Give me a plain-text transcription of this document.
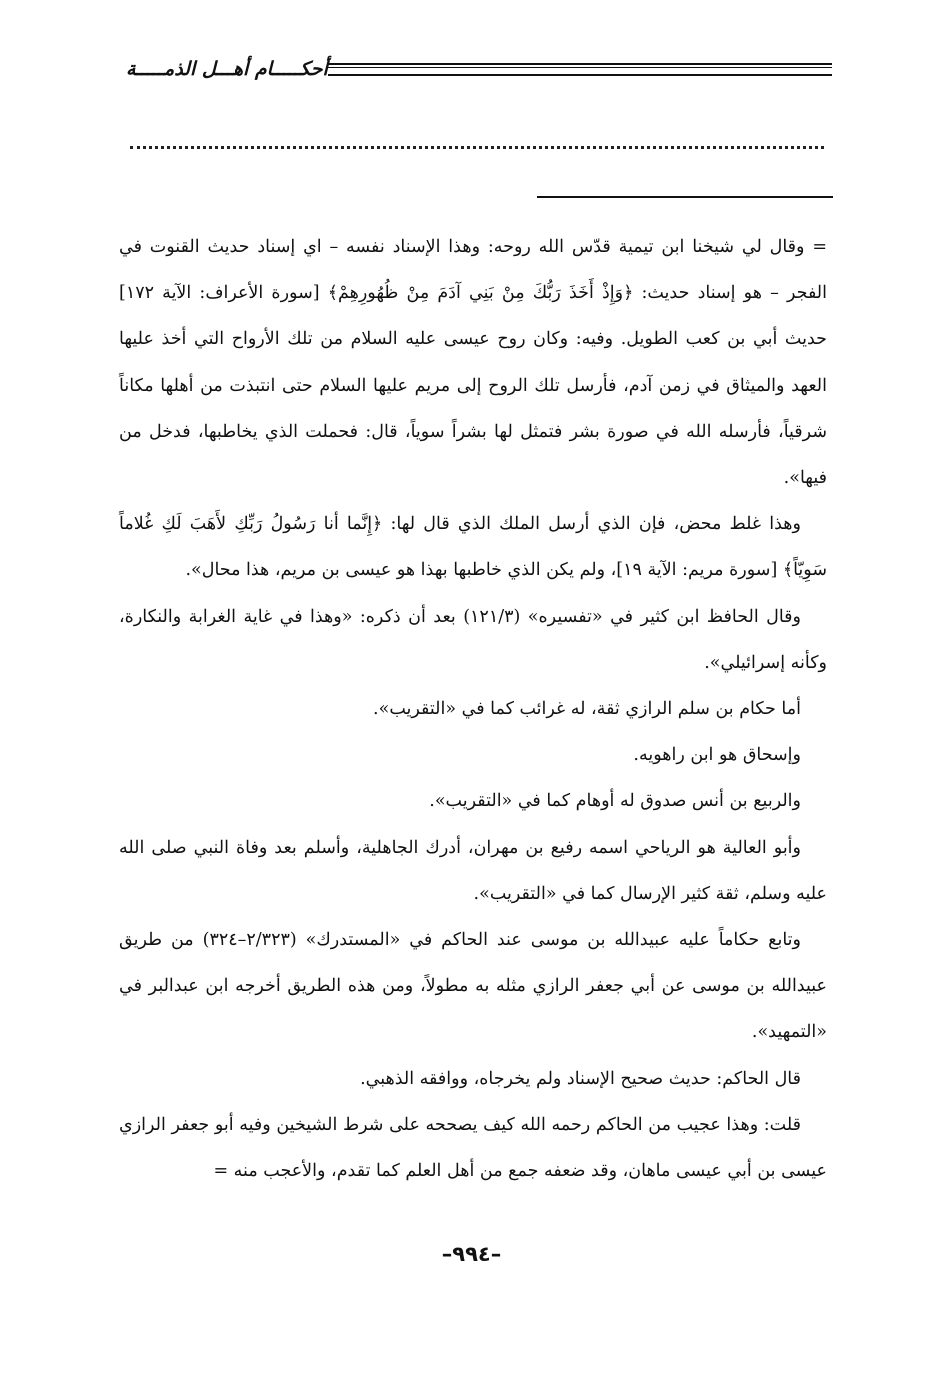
أحكـــــام أهـــل الذمـــــة

= وقال لي شيخنا ابن تيمية قدّس الله روحه: وهذا الإسناد نفسه – اي إسناد حديث القنوت في الفجر – هو إسناد حديث: ﴿وَإِذْ أَخَذَ رَبُّكَ مِنْ بَنِي آدَمَ مِنْ ظُهُورِهِمْ﴾ [سورة الأعراف: الآية ١٧٢] حديث أبي بن كعب الطويل. وفيه: وكان روح عيسى عليه السلام من تلك الأرواح التي أخذ عليها العهد والميثاق في زمن آدم، فأرسل تلك الروح إلى مريم عليها السلام حتى انتبذت من أهلها مكاناً شرقياً، فأرسله الله في صورة بشر فتمثل لها بشراً سوياً، قال: فحملت الذي يخاطبها، فدخل من فيها».

وهذا غلط محض، فإن الذي أرسل الملك الذي قال لها: ﴿إِنَّما أنا رَسُولُ رَبِّكِ لأَهَبَ لَكِ غُلاماً سَوِيّاً﴾ [سورة مريم: الآية ١٩]، ولم يكن الذي خاطبها بهذا هو عيسى بن مريم، هذا محال».

وقال الحافظ ابن كثير في «تفسيره» (١٢١/٣) بعد أن ذكره: «وهذا في غاية الغرابة والنكارة، وكأنه إسرائيلي».

أما حكام بن سلم الرازي ثقة، له غرائب كما في «التقريب».

وإسحاق هو ابن راهويه.

والربيع بن أنس صدوق له أوهام كما في «التقريب».

وأبو العالية هو الرياحي اسمه رفيع بن مهران، أدرك الجاهلية، وأسلم بعد وفاة النبي صلى الله عليه وسلم، ثقة كثير الإرسال كما في «التقريب».

وتابع حكاماً عليه عبيدالله بن موسى عند الحاكم في «المستدرك» (٢/٣٢٣–٣٢٤) من طريق عبيدالله بن موسى عن أبي جعفر الرازي مثله به مطولاً، ومن هذه الطريق أخرجه ابن عبدالبر في «التمهيد».

قال الحاكم: حديث صحيح الإسناد ولم يخرجاه، ووافقه الذهبي.

قلت: وهذا عجيب من الحاكم رحمه الله كيف يصححه على شرط الشيخين وفيه أبو جعفر الرازي عيسى بن أبي عيسى ماهان، وقد ضعفه جمع من أهل العلم كما تقدم، والأعجب منه =

–٩٩٤–
